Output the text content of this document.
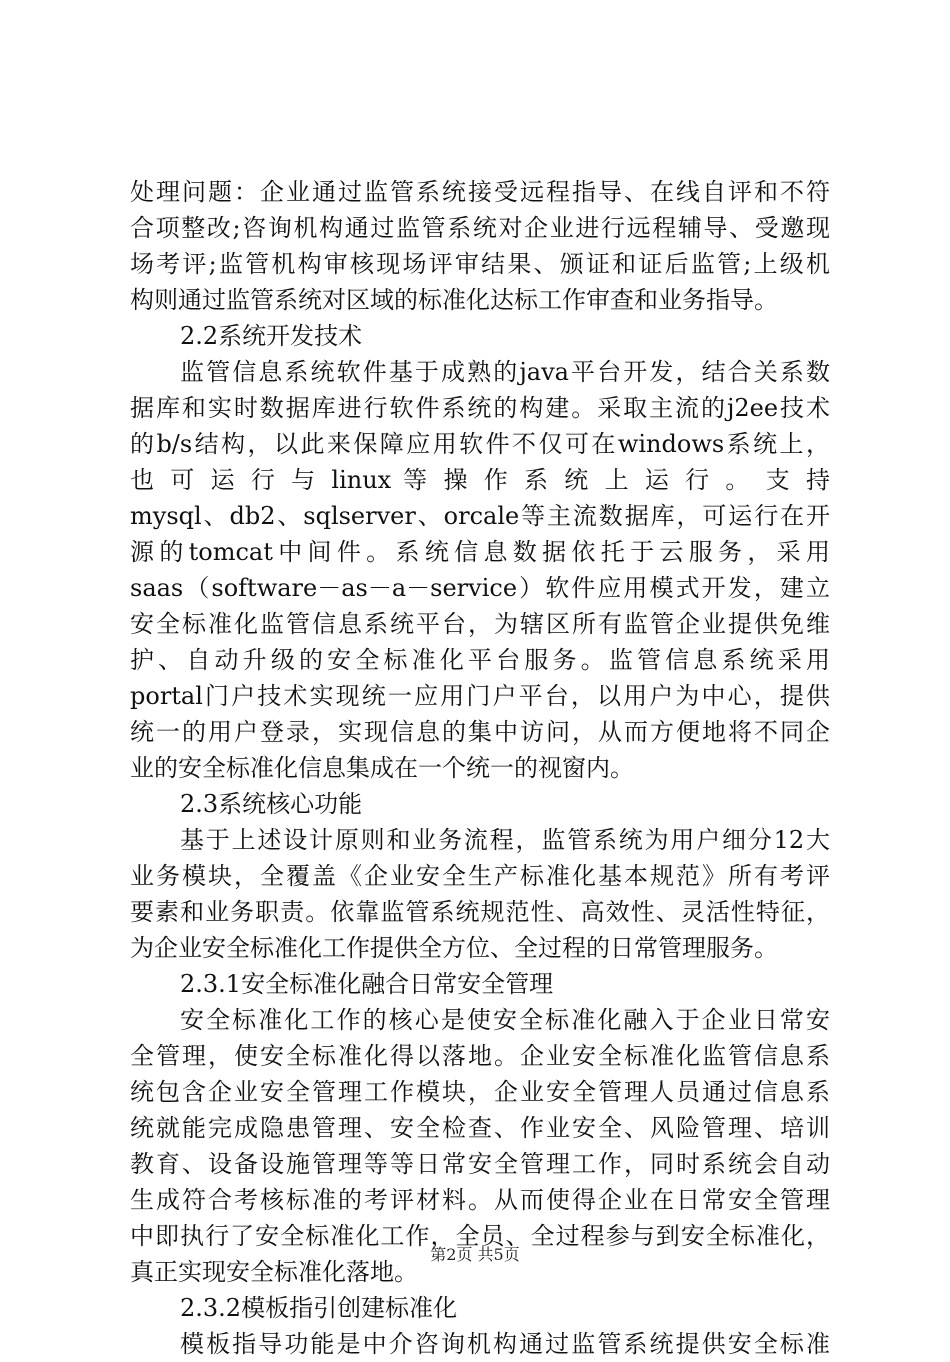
处理问题：企业通过监管系统接受远程指导、在线自评和不符
合项整改;咨询机构通过监管系统对企业进行远程辅导、受邀现
场考评;监管机构审核现场评审结果、颁证和证后监管;上级机
构则通过监管系统对区域的标准化达标工作审查和业务指导。
2.2系统开发技术
监管信息系统软件基于成熟的java平台开发，结合关系数
据库和实时数据库进行软件系统的构建。采取主流的j2ee技术
的b/s结构，以此来保障应用软件不仅可在windows系统上，
也 可 运 行 与 linux 等 操 作 系 统 上 运 行 。 支 持
mysql、db2、sqlserver、orcale等主流数据库，可运行在开
源的tomcat中间件。系统信息数据依托于云服务，采用
saas（software－as－a－service）软件应用模式开发，建立
安全标准化监管信息系统平台，为辖区所有监管企业提供免维
护、自动升级的安全标准化平台服务。监管信息系统采用
portal门户技术实现统一应用门户平台，以用户为中心，提供
统一的用户登录，实现信息的集中访问，从而方便地将不同企
业的安全标准化信息集成在一个统一的视窗内。
2.3系统核心功能
基于上述设计原则和业务流程，监管系统为用户细分12大
业务模块，全覆盖《企业安全生产标准化基本规范》所有考评
要素和业务职责。依靠监管系统规范性、高效性、灵活性特征，
为企业安全标准化工作提供全方位、全过程的日常管理服务。
2.3.1安全标准化融合日常安全管理
安全标准化工作的核心是使安全标准化融入于企业日常安
全管理，使安全标准化得以落地。企业安全标准化监管信息系
统包含企业安全管理工作模块，企业安全管理人员通过信息系
统就能完成隐患管理、安全检查、作业安全、风险管理、培训
教育、设备设施管理等等日常安全管理工作，同时系统会自动
生成符合考核标准的考评材料。从而使得企业在日常安全管理
中即执行了安全标准化工作，全员、全过程参与到安全标准化，
真正实现安全标准化落地。
2.3.2模板指引创建标准化
模板指导功能是中介咨询机构通过监管系统提供安全标准
第2页 共5页
